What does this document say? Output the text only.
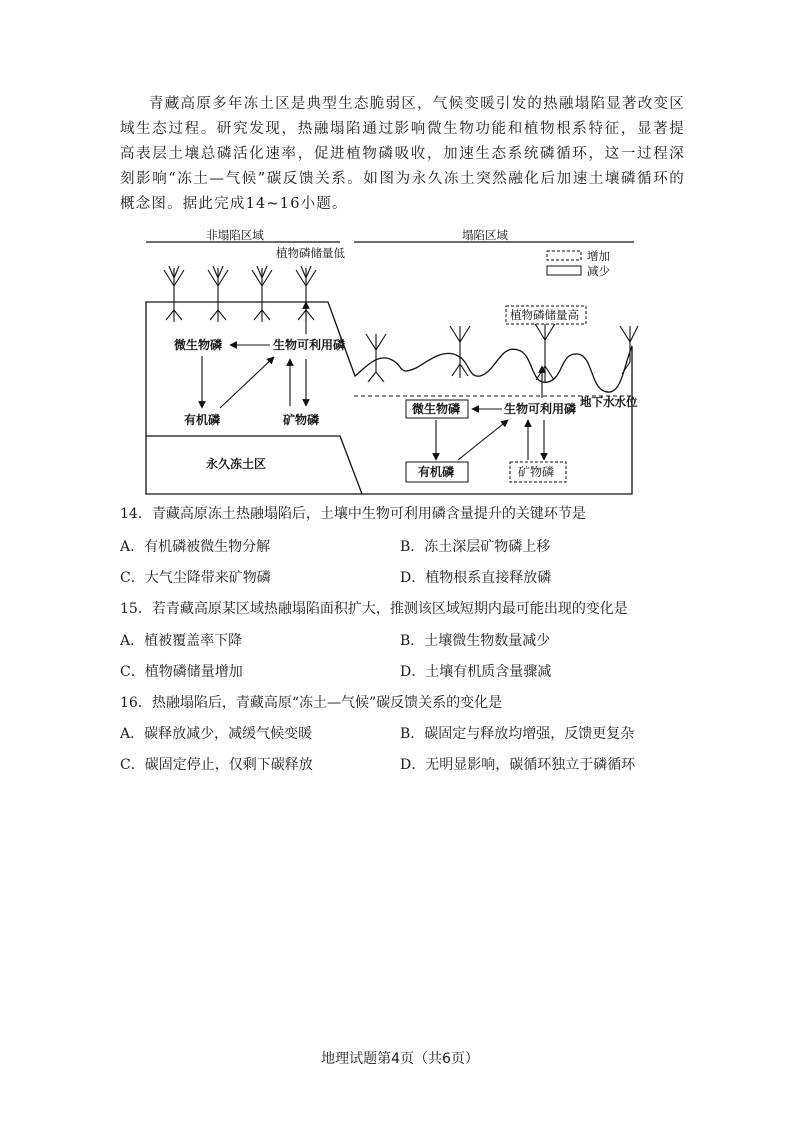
青藏高原多年冻土区是典型生态脆弱区，气候变暖引发的热融塌陷显著改变区域生态过程。研究发现，热融塌陷通过影响微生物功能和植物根系特征，显著提高表层土壤总磷活化速率，促进植物磷吸收，加速生态系统磷循环，这一过程深刻影响“冻土—气候”碳反馈关系。如图为永久冻土突然融化后加速土壤磷循环的概念图。据此完成14~16小题。

非塌陷区域	塌陷区域
增加
减少
植物磷储量低
微生物磷	生物可利用磷
有机磷	矿物磷
永久冻土区
植物磷储量高
微生物磷	生物可利用磷 地下水水位
有机磷	矿物磷
14．青藏高原冻土热融塌陷后，土壤中生物可利用磷含量提升的关键环节是
A．有机磷被微生物分解	B．冻土深层矿物磷上移
C．大气尘降带来矿物磷	D．植物根系直接释放磷
15．若青藏高原某区域热融塌陷面积扩大，推测该区域短期内最可能出现的变化是
A．植被覆盖率下降	B．土壤微生物数量减少
C．植物磷储量增加	D．土壤有机质含量骤减
16．热融塌陷后，青藏高原“冻土—气候”碳反馈关系的变化是
A．碳释放减少，减缓气候变暖	B．碳固定与释放均增强，反馈更复杂
C．碳固定停止，仅剩下碳释放	D．无明显影响，碳循环独立于磷循环
地理试题第4页（共6页）
